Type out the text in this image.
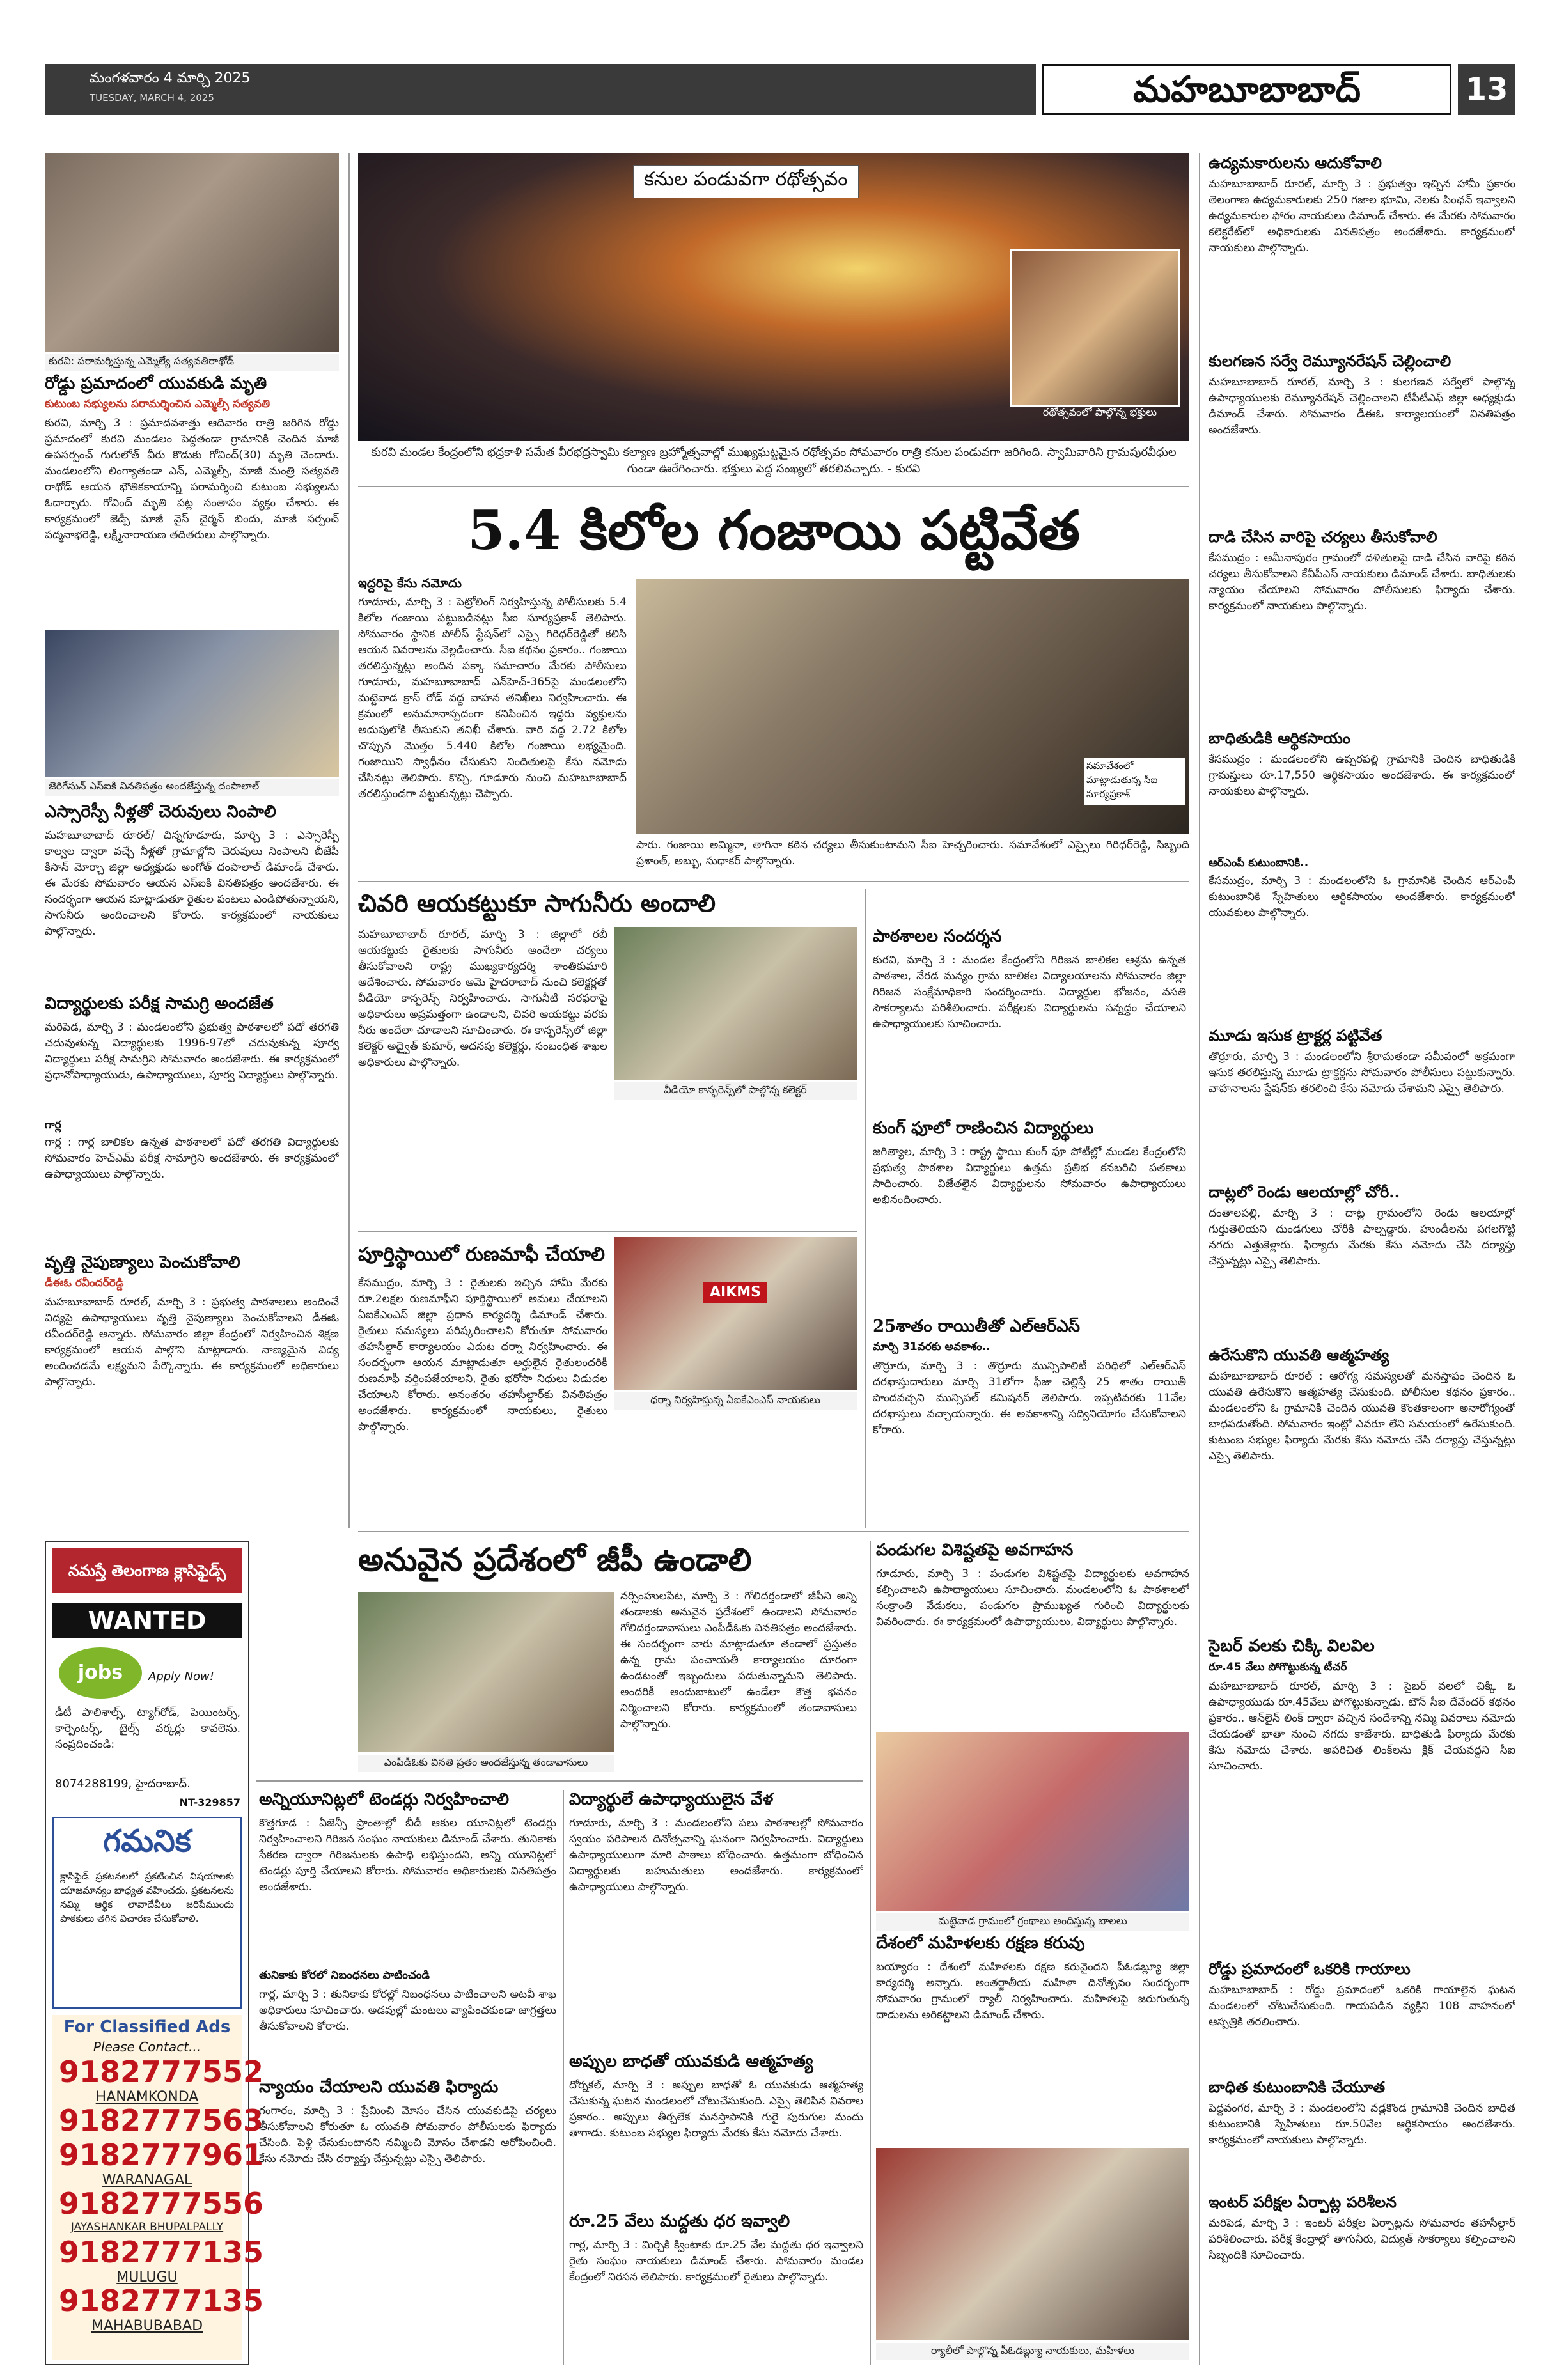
మంగళవారం 4 మార్చి 2025
TUESDAY, MARCH 4, 2025	మహబూబాబాద్	13
కురవి: పరామర్శిస్తున్న ఎమ్మెల్యే సత్యవతిరాథోడ్
రోడ్డు ప్రమాదంలో యువకుడి మృతి
కుటుంబ సభ్యులను పరామర్శించిన ఎమ్మెల్సీ సత్యవతి
కురవి, మార్చి 3 : ప్రమాదవశాత్తు ఆదివారం రాత్రి జరిగిన రోడ్డు ప్రమాదంలో కురవి మండలం పెద్దతండా గ్రామానికి చెందిన మాజీ ఉపసర్పంచ్ గుగులోత్ వీరు కొడుకు గోవింద్(30) మృతి చెందారు. మండలంలోని లింగ్యాతండా ఎన్, ఎమ్మెల్సీ, మాజీ మంత్రి సత్యవతి రాథోడ్ ఆయన భౌతికకాయాన్ని పరామర్శించి కుటుంబ సభ్యులను ఓదార్చారు. గోవింద్ మృతి పట్ల సంతాపం వ్యక్తం చేశారు. ఈ కార్యక్రమంలో జెడ్పీ మాజీ వైస్ చైర్మన్ బిందు, మాజీ సర్పంచ్ పద్మనాభరెడ్డి, లక్ష్మీనారాయణ తదితరులు పాల్గొన్నారు.
జెరిగేసున్ ఎస్‌ఐకి వినతిపత్రం అందజేస్తున్న దంపాలాల్
ఎస్సారెస్పీ నీళ్లతో చెరువులు నింపాలి
మహబూబాబాద్ రూరల్/ చిన్నగూడూరు, మార్చి 3 : ఎస్సారెస్పీ కాల్వల ద్వారా వచ్చే నీళ్లతో గ్రామాల్లోని చెరువులు నింపాలని బీజేపీ కిసాన్ మోర్చా జిల్లా అధ్యక్షుడు అంగోత్ దంపాలాల్ డిమాండ్ చేశారు. ఈ మేరకు సోమవారం ఆయన ఎస్‌ఐకి వినతిపత్రం అందజేశారు. ఈ సందర్భంగా ఆయన మాట్లాడుతూ రైతుల పంటలు ఎండిపోతున్నాయని, సాగునీరు అందించాలని కోరారు. కార్యక్రమంలో నాయకులు పాల్గొన్నారు.
విద్యార్థులకు పరీక్ష సామగ్రి అందజేత
మరిపెడ, మార్చి 3 : మండలంలోని ప్రభుత్వ పాఠశాలలో పదో తరగతి చదువుతున్న విద్యార్థులకు 1996-97లో చదువుకున్న పూర్వ విద్యార్థులు పరీక్ష సామగ్రిని సోమవారం అందజేశారు. ఈ కార్యక్రమంలో ప్రధానోపాధ్యాయుడు, ఉపాధ్యాయులు, పూర్వ విద్యార్థులు పాల్గొన్నారు.
గార్ల
గార్ల : గార్ల బాలికల ఉన్నత పాఠశాలలో పదో తరగతి విద్యార్థులకు సోమవారం హెచ్ఎమ్ పరీక్ష సామాగ్రిని అందజేశారు. ఈ కార్యక్రమంలో ఉపాధ్యాయులు పాల్గొన్నారు.
వృత్తి నైపుణ్యాలు పెంచుకోవాలి
డీఈఓ రవీందర్‌రెడ్డి
మహబూబాబాద్ రూరల్, మార్చి 3 : ప్రభుత్వ పాఠశాలలు అందించే విద్యపై ఉపాధ్యాయులు వృత్తి నైపుణ్యాలు పెంచుకోవాలని డీఈఓ రవీందర్‌రెడ్డి అన్నారు. సోమవారం జిల్లా కేంద్రంలో నిర్వహించిన శిక్షణ కార్యక్రమంలో ఆయన పాల్గొని మాట్లాడారు. నాణ్యమైన విద్య అందించడమే లక్ష్యమని పేర్కొన్నారు. ఈ కార్యక్రమంలో అధికారులు పాల్గొన్నారు.
నమస్తే తెలంగాణ క్లాసిఫైడ్స్
WANTED
jobs	Apply Now!
డీటీ పాలిశాల్స్, ట్యాగ్‌రోడ్, పెయింటర్స్, కార్పెంటర్స్, టైల్స్ వర్కర్లు కావలెను. సంప్రదించండి:
8074288199, హైదరాబాద్.
NT-329857
గమనిక
క్లాసిఫైడ్ ప్రకటనలలో ప్రకటించిన విషయాలకు యాజమాన్యం బాధ్యత వహించదు. ప్రకటనలను నమ్మి ఆర్థిక లావాదేవీలు జరిపేముందు పాఠకులు తగిన విచారణ చేసుకోవాలి.
For Classified Ads
Please Contact...
9182777552
HANAMKONDA
9182777563
9182777961
WARANAGAL
9182777556
JAYASHANKAR BHUPALPALLY
9182777135
MULUGU
9182777135
MAHABUBABAD
కనుల పండువగా రథోత్సవం
రథోత్సవంలో పాల్గొన్న భక్తులు
కురవి మండల కేంద్రంలోని భద్రకాళి సమేత వీరభద్రస్వామి కల్యాణ బ్రహ్మోత్సవాల్లో ముఖ్యఘట్టమైన రథోత్సవం సోమవారం రాత్రి కనుల పండువగా జరిగింది. స్వామివారిని గ్రామపురవీధుల గుండా ఊరేగించారు. భక్తులు పెద్ద సంఖ్యలో తరలివచ్చారు. - కురవి
5.4 కిలోల గంజాయి పట్టివేత
ఇద్దరిపై కేసు నమోదు
గూడూరు, మార్చి 3 : పెట్రోలింగ్ నిర్వహిస్తున్న పోలీసులకు 5.4 కిలోల గంజాయి పట్టుబడినట్లు సీఐ సూర్యప్రకాశ్ తెలిపారు. సోమవారం స్థానిక పోలీస్ స్టేషన్‌లో ఎస్సై గిరిధర్‌రెడ్డితో కలిసి ఆయన వివరాలను వెల్లడించారు. సీఐ కథనం ప్రకారం.. గంజాయి తరలిస్తున్నట్లు అందిన పక్కా సమాచారం మేరకు పోలీసులు గూడూరు, మహబూబాబాద్ ఎన్‌హెచ్-365పై మండలంలోని మట్టెవాడ క్రాస్ రోడ్ వద్ద వాహన తనిఖీలు నిర్వహించారు. ఈ క్రమంలో అనుమానాస్పదంగా కనిపించిన ఇద్దరు వ్యక్తులను అదుపులోకి తీసుకుని తనిఖీ చేశారు. వారి వద్ద 2.72 కిలోల చొప్పున మొత్తం 5.440 కిలోల గంజాయి లభ్యమైంది. గంజాయిని స్వాధీనం చేసుకుని నిందితులపై కేసు నమోదు చేసినట్లు తెలిపారు. కొచ్చి, గూడూరు నుంచి మహబూబాబాద్ తరలిస్తుండగా పట్టుకున్నట్లు చెప్పారు.
సమావేశంలో మాట్లాడుతున్న సీఐ సూర్యప్రకాశ్
పారు. గంజాయి అమ్మినా, తాగినా కఠిన చర్యలు తీసుకుంటామని సీఐ హెచ్చరించారు. సమావేశంలో ఎస్సైలు గిరిధర్‌రెడ్డి, సిబ్బంది ప్రశాంత్, అబ్బు, సుధాకర్ పాల్గొన్నారు.
చివరి ఆయకట్టుకూ సాగునీరు అందాలి
మహబూబాబాద్ రూరల్, మార్చి 3 : జిల్లాలో రబీ ఆయకట్టుకు రైతులకు సాగునీరు అందేలా చర్యలు తీసుకోవాలని రాష్ట్ర ముఖ్యకార్యదర్శి శాంతికుమారి ఆదేశించారు. సోమవారం ఆమె హైదరాబాద్ నుంచి కలెక్టర్లతో వీడియో కాన్ఫరెన్స్ నిర్వహించారు. సాగునీటి సరఫరాపై అధికారులు అప్రమత్తంగా ఉండాలని, చివరి ఆయకట్టు వరకు నీరు అందేలా చూడాలని సూచించారు. ఈ కాన్ఫరెన్స్‌లో జిల్లా కలెక్టర్ అద్వైత్ కుమార్, అదనపు కలెక్టర్లు, సంబంధిత శాఖల అధికారులు పాల్గొన్నారు.
వీడియో కాన్ఫరెన్స్‌లో పాల్గొన్న కలెక్టర్
పూర్తిస్థాయిలో రుణమాఫీ చేయాలి
కేసముద్రం, మార్చి 3 : రైతులకు ఇచ్చిన హామీ మేరకు రూ.2లక్షల రుణమాఫీని పూర్తిస్థాయిలో అమలు చేయాలని ఏఐకేఎంఎస్ జిల్లా ప్రధాన కార్యదర్శి డిమాండ్ చేశారు. రైతులు సమస్యలు పరిష్కరించాలని కోరుతూ సోమవారం తహసీల్దార్ కార్యాలయం ఎదుట ధర్నా నిర్వహించారు. ఈ సందర్భంగా ఆయన మాట్లాడుతూ అర్హులైన రైతులందరికీ రుణమాఫీ వర్తింపజేయాలని, రైతు భరోసా నిధులు విడుదల చేయాలని కోరారు. అనంతరం తహసీల్దార్‌కు వినతిపత్రం అందజేశారు. కార్యక్రమంలో నాయకులు, రైతులు పాల్గొన్నారు.
AIKMS
ధర్నా నిర్వహిస్తున్న ఏఐకేఎంఎస్ నాయకులు
పాఠశాలల సందర్శన
కురవి, మార్చి 3 : మండల కేంద్రంలోని గిరిజన బాలికల ఆశ్రమ ఉన్నత పాఠశాల, నేరడ మన్యం గ్రామ బాలికల విద్యాలయాలను సోమవారం జిల్లా గిరిజన సంక్షేమాధికారి సందర్శించారు. విద్యార్థుల భోజనం, వసతి సౌకర్యాలను పరిశీలించారు. పరీక్షలకు విద్యార్థులను సన్నద్ధం చేయాలని ఉపాధ్యాయులకు సూచించారు.
కుంగ్ ఫూలో రాణించిన విద్యార్థులు
జగిత్యాల, మార్చి 3 : రాష్ట్ర స్థాయి కుంగ్ ఫూ పోటీల్లో మండల కేంద్రంలోని ప్రభుత్వ పాఠశాల విద్యార్థులు ఉత్తమ ప్రతిభ కనబరిచి పతకాలు సాధించారు. విజేతలైన విద్యార్థులను సోమవారం ఉపాధ్యాయులు అభినందించారు.
25శాతం రాయితీతో ఎల్ఆర్ఎస్
మార్చి 31వరకు అవకాశం..
తొర్రూరు, మార్చి 3 : తొర్రూరు మున్సిపాలిటీ పరిధిలో ఎల్ఆర్ఎస్ దరఖాస్తుదారులు మార్చి 31లోగా ఫీజు చెల్లిస్తే 25 శాతం రాయితీ పొందవచ్చని మున్సిపల్ కమిషనర్ తెలిపారు. ఇప్పటివరకు 11వేల దరఖాస్తులు వచ్చాయన్నారు. ఈ అవకాశాన్ని సద్వినియోగం చేసుకోవాలని కోరారు.
అనువైన ప్రదేశంలో జీపీ ఉండాలి
ఎంపీడీఓకు వినతి ప్రతం అందజేస్తున్న తండావాసులు
నర్సింహులపేట, మార్చి 3 : గోలిదర్తండాలో జీపీని అన్ని తండాలకు అనువైన ప్రదేశంలో ఉండాలని సోమవారం గోలిదర్తండావాసులు ఎంపీడీఓకు వినతిపత్రం అందజేశారు. ఈ సందర్భంగా వారు మాట్లాడుతూ తండాలో ప్రస్తుతం ఉన్న గ్రామ పంచాయతీ కార్యాలయం దూరంగా ఉండటంతో ఇబ్బందులు పడుతున్నామని తెలిపారు. అందరికీ అందుబాటులో ఉండేలా కొత్త భవనం నిర్మించాలని కోరారు. కార్యక్రమంలో తండావాసులు పాల్గొన్నారు.
అన్నియూనిట్లలో టెండర్లు నిర్వహించాలి
కొత్తగూడ : ఏజెన్సీ ప్రాంతాల్లో బీడీ ఆకుల యూనిట్లలో టెండర్లు నిర్వహించాలని గిరిజన సంఘం నాయకులు డిమాండ్ చేశారు. తునికాకు సేకరణ ద్వారా గిరిజనులకు ఉపాధి లభిస్తుందని, అన్ని యూనిట్లలో టెండర్లు పూర్తి చేయాలని కోరారు. సోమవారం అధికారులకు వినతిపత్రం అందజేశారు.
తునికాకు కోరలో నిబంధనలు పాటించండి
గార్ల, మార్చి 3 : తునికాకు కోరల్లో నిబంధనలు పాటించాలని అటవీ శాఖ అధికారులు సూచించారు. అడవుల్లో మంటలు వ్యాపించకుండా జాగ్రత్తలు తీసుకోవాలని కోరారు.
న్యాయం చేయాలని యువతి ఫిర్యాదు
గంగారం, మార్చి 3 : ప్రేమించి మోసం చేసిన యువకుడిపై చర్యలు తీసుకోవాలని కోరుతూ ఓ యువతి సోమవారం పోలీసులకు ఫిర్యాదు చేసింది. పెళ్లి చేసుకుంటానని నమ్మించి మోసం చేశాడని ఆరోపించింది. కేసు నమోదు చేసి దర్యాప్తు చేస్తున్నట్లు ఎస్సై తెలిపారు.
విద్యార్థులే ఉపాధ్యాయులైన వేళ
గూడూరు, మార్చి 3 : మండలంలోని పలు పాఠశాలల్లో సోమవారం స్వయం పరిపాలన దినోత్సవాన్ని ఘనంగా నిర్వహించారు. విద్యార్థులు ఉపాధ్యాయులుగా మారి పాఠాలు బోధించారు. ఉత్తమంగా బోధించిన విద్యార్థులకు బహుమతులు అందజేశారు. కార్యక్రమంలో ఉపాధ్యాయులు పాల్గొన్నారు.
అప్పుల బాధతో యువకుడి ఆత్మహత్య
దోర్నకల్, మార్చి 3 : అప్పుల బాధతో ఓ యువకుడు ఆత్మహత్య చేసుకున్న ఘటన మండలంలో చోటుచేసుకుంది. ఎస్సై తెలిపిన వివరాల ప్రకారం.. అప్పులు తీర్చలేక మనస్తాపానికి గురై పురుగుల మందు తాగాడు. కుటుంబ సభ్యుల ఫిర్యాదు మేరకు కేసు నమోదు చేశారు.
రూ.25 వేలు మద్దతు ధర ఇవ్వాలి
గార్ల, మార్చి 3 : మిర్చికి క్వింటాకు రూ.25 వేల మద్దతు ధర ఇవ్వాలని రైతు సంఘం నాయకులు డిమాండ్ చేశారు. సోమవారం మండల కేంద్రంలో నిరసన తెలిపారు. కార్యక్రమంలో రైతులు పాల్గొన్నారు.
పండుగల విశిష్టతపై అవగాహన
గూడూరు, మార్చి 3 : పండుగల విశిష్టతపై విద్యార్థులకు అవగాహన కల్పించాలని ఉపాధ్యాయులు సూచించారు. మండలంలోని ఓ పాఠశాలలో సంక్రాంతి వేడుకలు, పండుగల ప్రాముఖ్యత గురించి విద్యార్థులకు వివరించారు. ఈ కార్యక్రమంలో ఉపాధ్యాయులు, విద్యార్థులు పాల్గొన్నారు.
మట్టెవాడ గ్రామంలో గ్రంథాలు అందిస్తున్న బాలలు
దేశంలో మహిళలకు రక్షణ కరువు
బయ్యారం : దేశంలో మహిళలకు రక్షణ కరువైందని పీఓడబ్ల్యూ జిల్లా కార్యదర్శి అన్నారు. అంతర్జాతీయ మహిళా దినోత్సవం సందర్భంగా సోమవారం గ్రామంలో ర్యాలీ నిర్వహించారు. మహిళలపై జరుగుతున్న దాడులను అరికట్టాలని డిమాండ్ చేశారు.
ర్యాలీలో పాల్గొన్న పీఓడబ్ల్యూ నాయకులు, మహిళలు
ఉద్యమకారులను ఆదుకోవాలి
మహబూబాబాద్ రూరల్, మార్చి 3 : ప్రభుత్వం ఇచ్చిన హామీ ప్రకారం తెలంగాణ ఉద్యమకారులకు 250 గజాల భూమి, నెలకు పింఛన్ ఇవ్వాలని ఉద్యమకారుల ఫోరం నాయకులు డిమాండ్ చేశారు. ఈ మేరకు సోమవారం కలెక్టరేట్‌లో అధికారులకు వినతిపత్రం అందజేశారు. కార్యక్రమంలో నాయకులు పాల్గొన్నారు.
కులగణన సర్వే రెమ్యూనరేషన్ చెల్లించాలి
మహబూబాబాద్ రూరల్, మార్చి 3 : కులగణన సర్వేలో పాల్గొన్న ఉపాధ్యాయులకు రెమ్యూనరేషన్ చెల్లించాలని టీపీటీఎఫ్ జిల్లా అధ్యక్షుడు డిమాండ్ చేశారు. సోమవారం డీఈఓ కార్యాలయంలో వినతిపత్రం అందజేశారు.
దాడి చేసిన వారిపై చర్యలు తీసుకోవాలి
కేసముద్రం : అమీనాపురం గ్రామంలో దళితులపై దాడి చేసిన వారిపై కఠిన చర్యలు తీసుకోవాలని కేవీపీఎస్ నాయకులు డిమాండ్ చేశారు. బాధితులకు న్యాయం చేయాలని సోమవారం పోలీసులకు ఫిర్యాదు చేశారు. కార్యక్రమంలో నాయకులు పాల్గొన్నారు.
బాధితుడికి ఆర్థికసాయం
కేసముద్రం : మండలంలోని ఉప్పరపల్లి గ్రామానికి చెందిన బాధితుడికి గ్రామస్తులు రూ.17,550 ఆర్థికసాయం అందజేశారు. ఈ కార్యక్రమంలో నాయకులు పాల్గొన్నారు.
ఆర్ఎంపీ కుటుంబానికి..
కేసముద్రం, మార్చి 3 : మండలంలోని ఓ గ్రామానికి చెందిన ఆర్ఎంపీ కుటుంబానికి స్నేహితులు ఆర్థికసాయం అందజేశారు. కార్యక్రమంలో యువకులు పాల్గొన్నారు.
మూడు ఇసుక ట్రాక్టర్ల పట్టివేత
తొర్రూరు, మార్చి 3 : మండలంలోని శ్రీరామతండా సమీపంలో అక్రమంగా ఇసుక తరలిస్తున్న మూడు ట్రాక్టర్లను సోమవారం పోలీసులు పట్టుకున్నారు. వాహనాలను స్టేషన్‌కు తరలించి కేసు నమోదు చేశామని ఎస్సై తెలిపారు.
దాట్లలో రెండు ఆలయాల్లో చోరీ..
దంతాలపల్లి, మార్చి 3 : దాట్ల గ్రామంలోని రెండు ఆలయాల్లో గుర్తుతెలియని దుండగులు చోరీకి పాల్పడ్డారు. హుండీలను పగలగొట్టి నగదు ఎత్తుకెళ్లారు. ఫిర్యాదు మేరకు కేసు నమోదు చేసి దర్యాప్తు చేస్తున్నట్లు ఎస్సై తెలిపారు.
ఉరేసుకొని యువతి ఆత్మహత్య
మహబూబాబాద్ రూరల్ : ఆరోగ్య సమస్యలతో మనస్తాపం చెందిన ఓ యువతి ఉరేసుకొని ఆత్మహత్య చేసుకుంది. పోలీసుల కథనం ప్రకారం.. మండలంలోని ఓ గ్రామానికి చెందిన యువతి కొంతకాలంగా అనారోగ్యంతో బాధపడుతోంది. సోమవారం ఇంట్లో ఎవరూ లేని సమయంలో ఉరేసుకుంది. కుటుంబ సభ్యుల ఫిర్యాదు మేరకు కేసు నమోదు చేసి దర్యాప్తు చేస్తున్నట్లు ఎస్సై తెలిపారు.
సైబర్ వలకు చిక్కి విలవిల
రూ.45 వేలు పోగొట్టుకున్న టీచర్
మహబూబాబాద్ రూరల్, మార్చి 3 : సైబర్ వలలో చిక్కి ఓ ఉపాధ్యాయుడు రూ.45వేలు పోగొట్టుకున్నాడు. టౌన్ సీఐ దేవేందర్ కథనం ప్రకారం.. ఆన్‌లైన్ లింక్ ద్వారా వచ్చిన సందేశాన్ని నమ్మి వివరాలు నమోదు చేయడంతో ఖాతా నుంచి నగదు కాజేశారు. బాధితుడి ఫిర్యాదు మేరకు కేసు నమోదు చేశారు. అపరిచిత లింక్‌లను క్లిక్ చేయవద్దని సీఐ సూచించారు.
రోడ్డు ప్రమాదంలో ఒకరికి గాయాలు
మహబూబాబాద్ : రోడ్డు ప్రమాదంలో ఒకరికి గాయాలైన ఘటన మండలంలో చోటుచేసుకుంది. గాయపడిన వ్యక్తిని 108 వాహనంలో ఆస్పత్రికి తరలించారు.
బాధిత కుటుంబానికి చేయూత
పెద్దవంగర, మార్చి 3 : మండలంలోని వడ్లకొండ గ్రామానికి చెందిన బాధిత కుటుంబానికి స్నేహితులు రూ.50వేల ఆర్థికసాయం అందజేశారు. కార్యక్రమంలో నాయకులు పాల్గొన్నారు.
ఇంటర్ పరీక్షల ఏర్పాట్ల పరిశీలన
మరిపెడ, మార్చి 3 : ఇంటర్ పరీక్షల ఏర్పాట్లను సోమవారం తహసీల్దార్ పరిశీలించారు. పరీక్ష కేంద్రాల్లో తాగునీరు, విద్యుత్ సౌకర్యాలు కల్పించాలని సిబ్బందికి సూచించారు.
